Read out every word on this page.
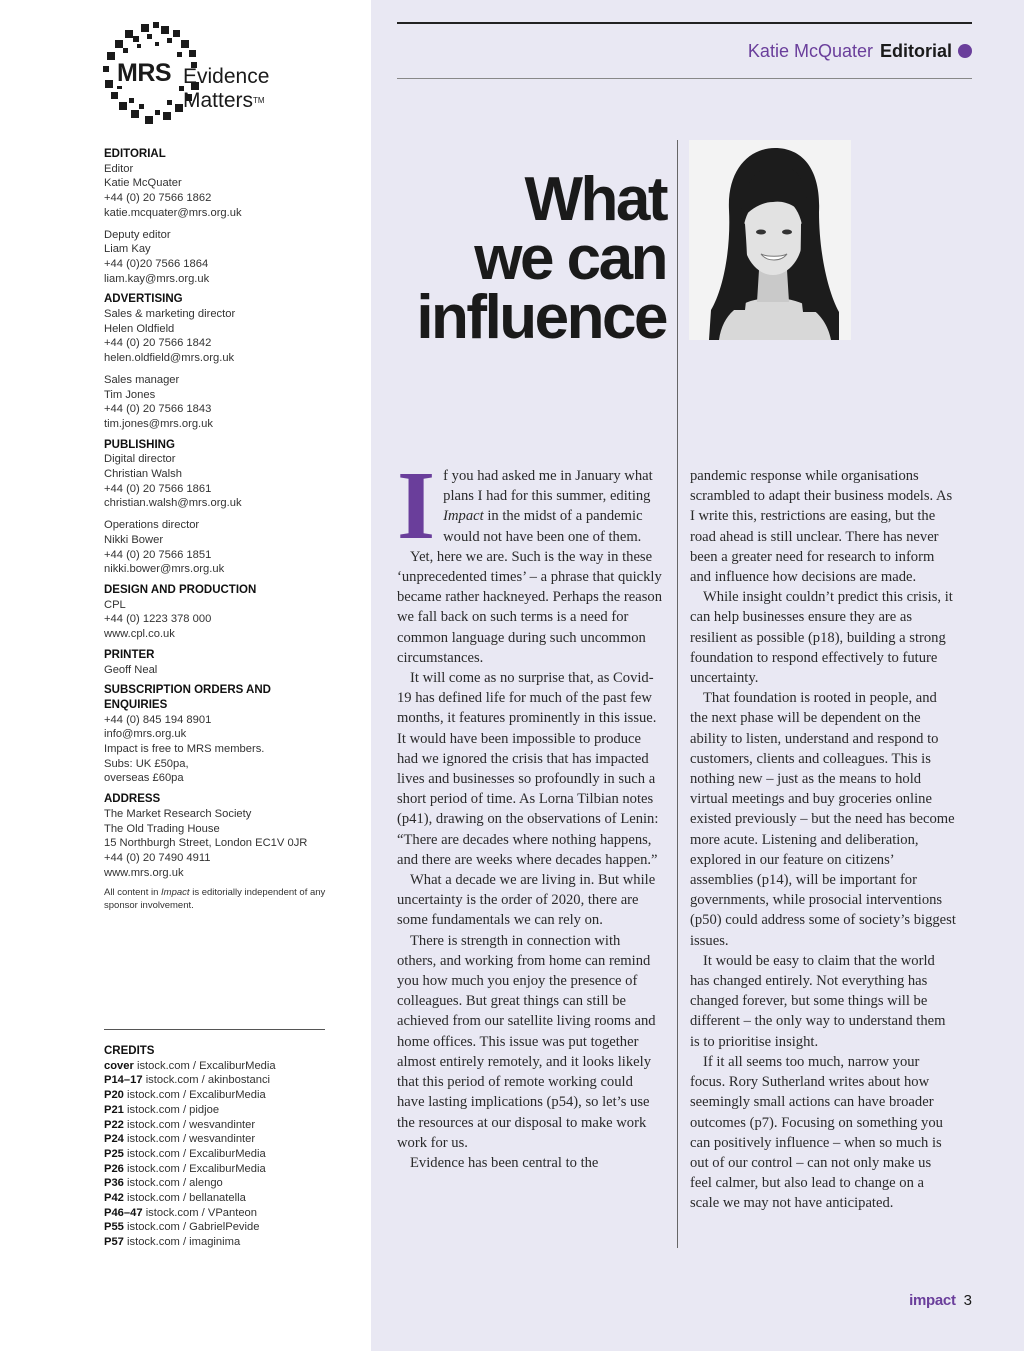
MRS Evidence
Matters™
EDITORIAL
Editor
Katie McQuater
+44 (0) 20 7566 1862
katie.mcquater@mrs.org.uk
Deputy editor
Liam Kay
+44 (0)20 7566 1864
liam.kay@mrs.org.uk
ADVERTISING
Sales & marketing director
Helen Oldfield
+44 (0) 20 7566 1842
helen.oldfield@mrs.org.uk
Sales manager
Tim Jones
+44 (0) 20 7566 1843
tim.jones@mrs.org.uk
PUBLISHING
Digital director
Christian Walsh
+44 (0) 20 7566 1861
christian.walsh@mrs.org.uk
Operations director
Nikki Bower
+44 (0) 20 7566 1851
nikki.bower@mrs.org.uk
DESIGN AND PRODUCTION
CPL
+44 (0) 1223 378 000
www.cpl.co.uk
PRINTER
Geoff Neal
SUBSCRIPTION ORDERS AND ENQUIRIES
+44 (0) 845 194 8901
info@mrs.org.uk
Impact is free to MRS members.
Subs: UK £50pa,
overseas £60pa
ADDRESS
The Market Research Society
The Old Trading House
15 Northburgh Street, London EC1V 0JR
+44 (0) 20 7490 4911
www.mrs.org.uk
All content in Impact is editorially independent of any sponsor involvement.
CREDITS
cover istock.com / ExcaliburMedia
P14–17 istock.com / akinbostanci
P20 istock.com / ExcaliburMedia
P21 istock.com / pidjoe
P22 istock.com / wesvandinter
P24 istock.com / wesvandinter
P25 istock.com / ExcaliburMedia
P26 istock.com / ExcaliburMedia
P36 istock.com / alengo
P42 istock.com / bellanatella
P46–47 istock.com / VPanteon
P55 istock.com / GabrielPevide
P57 istock.com / imaginima
Katie McQuater Editorial
What
we can
influence

If you had asked me in January what plans I had for this summer, editing Impact in the midst of a pandemic would not have been one of them.

Yet, here we are. Such is the way in these ‘unprecedented times’ – a phrase that quickly became rather hackneyed. Perhaps the reason we fall back on such terms is a need for common language during such uncommon circumstances.

It will come as no surprise that, as Covid-19 has defined life for much of the past few months, it features prominently in this issue. It would have been impossible to produce had we ignored the crisis that has impacted lives and businesses so profoundly in such a short period of time. As Lorna Tilbian notes (p41), drawing on the observations of Lenin: “There are decades where nothing happens, and there are weeks where decades happen.”

What a decade we are living in. But while uncertainty is the order of 2020, there are some fundamentals we can rely on.

There is strength in connection with others, and working from home can remind you how much you enjoy the presence of colleagues. But great things can still be achieved from our satellite living rooms and home offices. This issue was put together almost entirely remotely, and it looks likely that this period of remote working could have lasting implications (p54), so let’s use the resources at our disposal to make work work for us.

Evidence has been central to the

pandemic response while organisations scrambled to adapt their business models. As I write this, restrictions are easing, but the road ahead is still unclear. There has never been a greater need for research to inform and influence how decisions are made.

While insight couldn’t predict this crisis, it can help businesses ensure they are as resilient as possible (p18), building a strong foundation to respond effectively to future uncertainty.

That foundation is rooted in people, and the next phase will be dependent on the ability to listen, understand and respond to customers, clients and colleagues. This is nothing new – just as the means to hold virtual meetings and buy groceries online existed previously – but the need has become more acute. Listening and deliberation, explored in our feature on citizens’ assemblies (p14), will be important for governments, while prosocial interventions (p50) could address some of society’s biggest issues.

It would be easy to claim that the world has changed entirely. Not everything has changed forever, but some things will be different – the only way to understand them is to prioritise insight.

If it all seems too much, narrow your focus. Rory Sutherland writes about how seemingly small actions can have broader outcomes (p7). Focusing on something you can positively influence – when so much is out of our control – can not only make us feel calmer, but also lead to change on a scale we may not have anticipated.

impact 3
